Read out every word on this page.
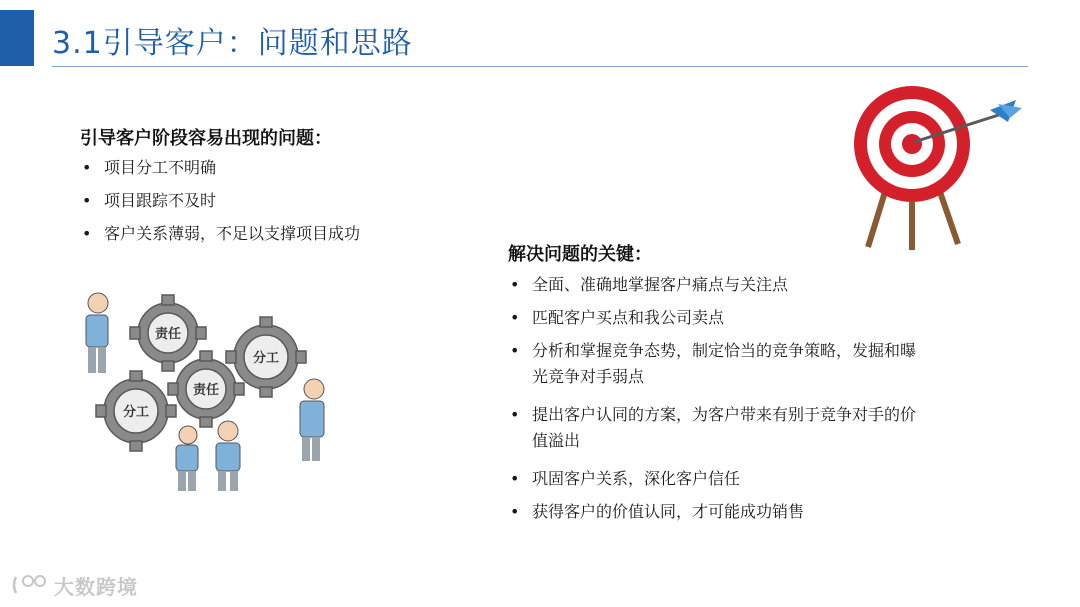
3.1引导客户：问题和思路
引导客户阶段容易出现的问题：
• 项目分工不明确
• 项目跟踪不及时
• 客户关系薄弱，不足以支撑项目成功
责任
分工
分工
责任
解决问题的关键：
• 全面、准确地掌握客户痛点与关注点
• 匹配客户买点和我公司卖点
• 分析和掌握竞争态势，制定恰当的竞争策略，发掘和曝光竞争对手弱点
• 提出客户认同的方案，为客户带来有别于竞争对手的价值溢出
• 巩固客户关系，深化客户信任
• 获得客户的价值认同，才可能成功销售
大数跨境
